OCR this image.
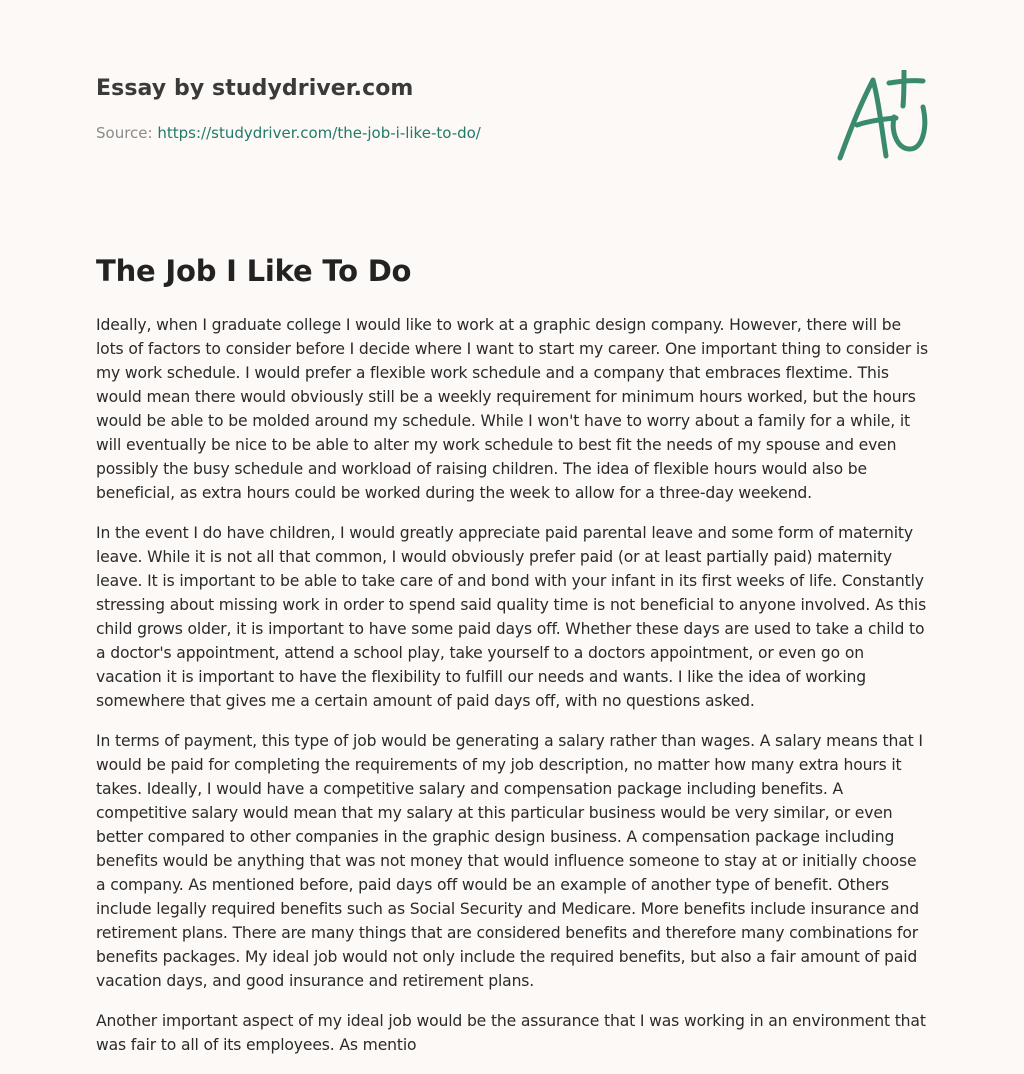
Essay by studydriver.com

Source: https://studydriver.com/the-job-i-like-to-do/

The Job I Like To Do

Ideally, when I graduate college I would like to work at a graphic design company. However, there will be lots of factors to consider before I decide where I want to start my career. One important thing to consider is my work schedule. I would prefer a flexible work schedule and a company that embraces flextime. This would mean there would obviously still be a weekly requirement for minimum hours worked, but the hours would be able to be molded around my schedule. While I won't have to worry about a family for a while, it will eventually be nice to be able to alter my work schedule to best fit the needs of my spouse and even possibly the busy schedule and workload of raising children. The idea of flexible hours would also be beneficial, as extra hours could be worked during the week to allow for a three-day weekend.

In the event I do have children, I would greatly appreciate paid parental leave and some form of maternity leave. While it is not all that common, I would obviously prefer paid (or at least partially paid) maternity leave. It is important to be able to take care of and bond with your infant in its first weeks of life. Constantly stressing about missing work in order to spend said quality time is not beneficial to anyone involved. As this child grows older, it is important to have some paid days off. Whether these days are used to take a child to a doctor's appointment, attend a school play, take yourself to a doctors appointment, or even go on vacation it is important to have the flexibility to fulfill our needs and wants. I like the idea of working somewhere that gives me a certain amount of paid days off, with no questions asked.

In terms of payment, this type of job would be generating a salary rather than wages. A salary means that I would be paid for completing the requirements of my job description, no matter how many extra hours it takes. Ideally, I would have a competitive salary and compensation package including benefits. A competitive salary would mean that my salary at this particular business would be very similar, or even better compared to other companies in the graphic design business. A compensation package including benefits would be anything that was not money that would influence someone to stay at or initially choose a company. As mentioned before, paid days off would be an example of another type of benefit. Others include legally required benefits such as Social Security and Medicare. More benefits include insurance and retirement plans. There are many things that are considered benefits and therefore many combinations for benefits packages. My ideal job would not only include the required benefits, but also a fair amount of paid vacation days, and good insurance and retirement plans.

Another important aspect of my ideal job would be the assurance that I was working in an environment that was fair to all of its employees. As mentio
